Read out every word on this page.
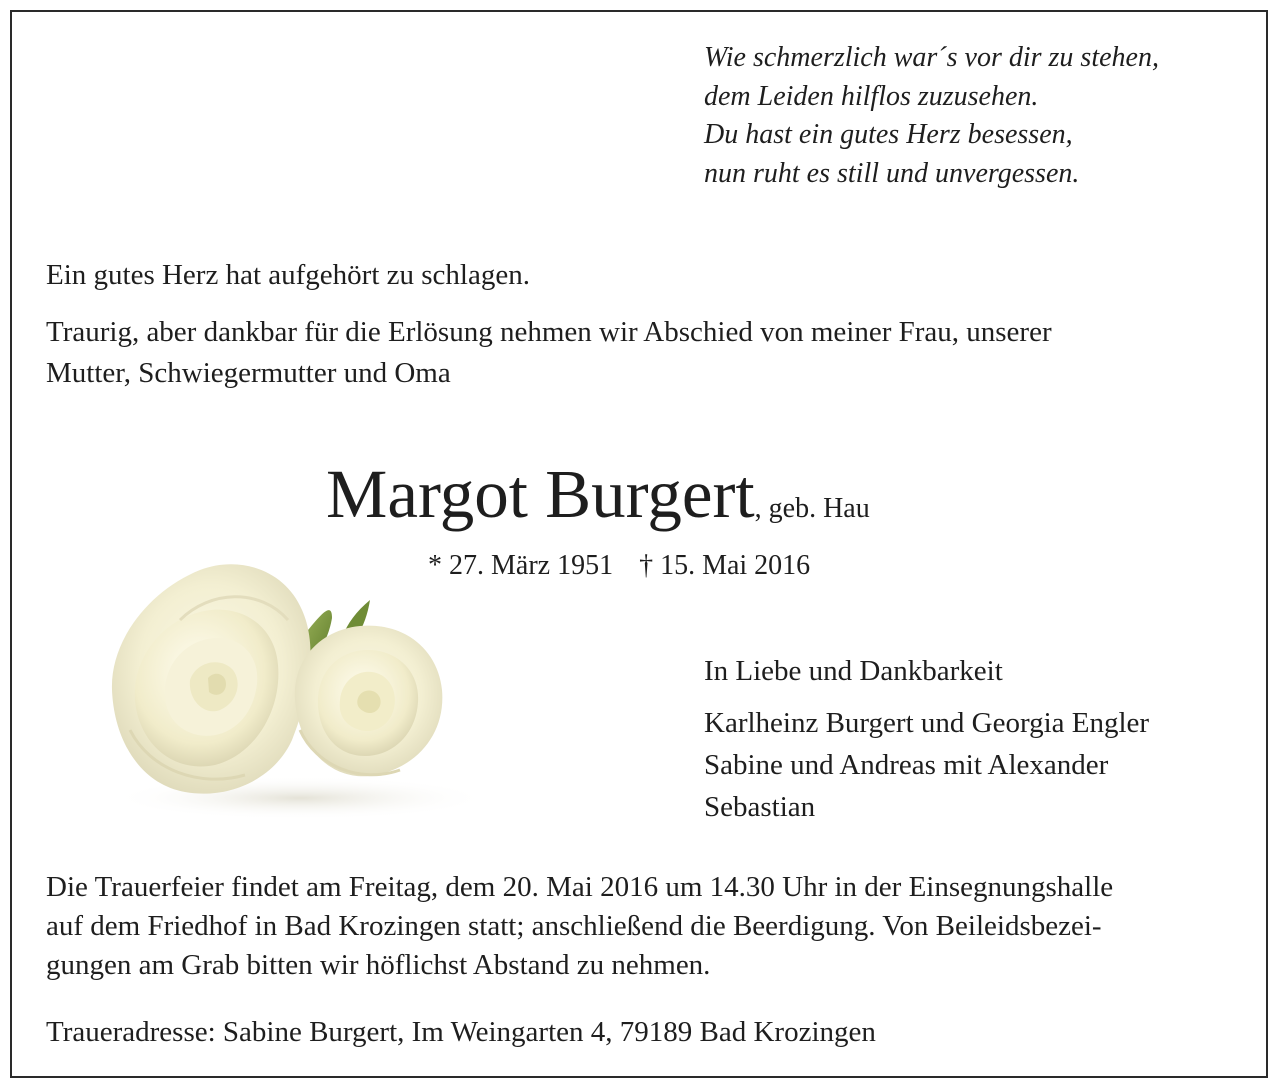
Wie schmerzlich war´s vor dir zu stehen,
dem Leiden hilflos zuzusehen.
Du hast ein gutes Herz besessen,
nun ruht es still und unvergessen.
Ein gutes Herz hat aufgehört zu schlagen.
Traurig, aber dankbar für die Erlösung nehmen wir Abschied von meiner Frau, unserer
Mutter, Schwiegermutter und Oma
Margot Burgert, geb. Hau
* 27. März 1951 † 15. Mai 2016
In Liebe und Dankbarkeit
Karlheinz Burgert und Georgia Engler
Sabine und Andreas mit Alexander
Sebastian
Die Trauerfeier findet am Freitag, dem 20. Mai 2016 um 14.30 Uhr in der Einsegnungshalle
auf dem Friedhof in Bad Krozingen statt; anschließend die Beerdigung. Von Beileidsbezei-
gungen am Grab bitten wir höflichst Abstand zu nehmen.
Traueradresse: Sabine Burgert, Im Weingarten 4, 79189 Bad Krozingen
